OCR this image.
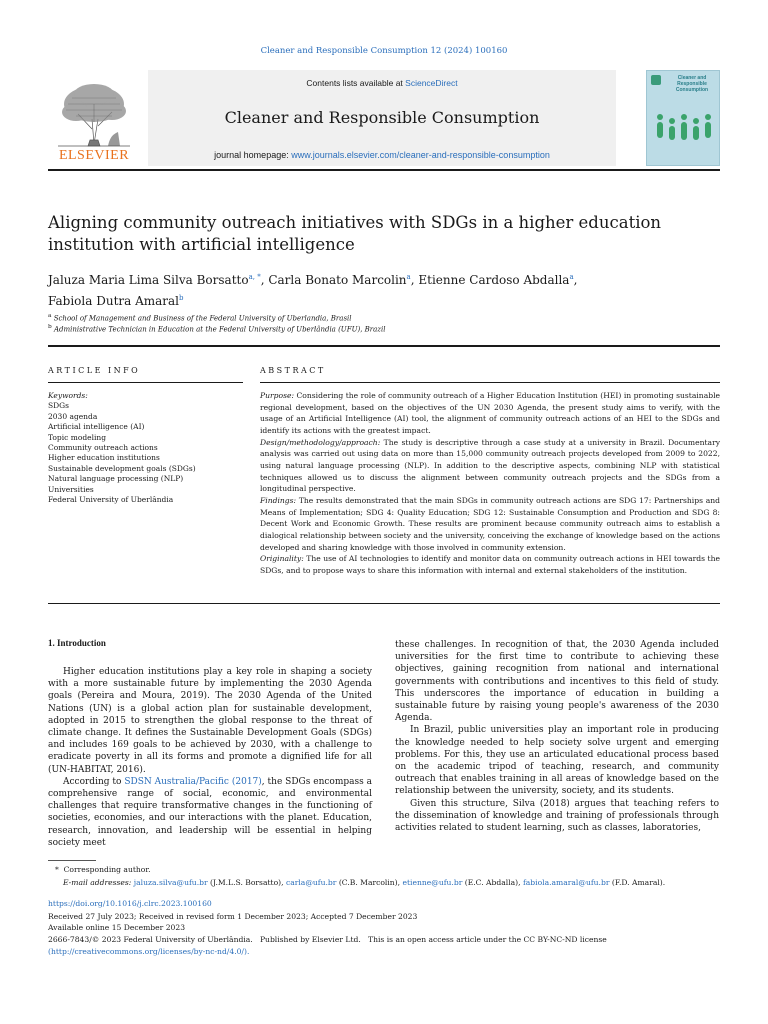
Cleaner and Responsible Consumption 12 (2024) 100160
ELSEVIER
Contents lists available at ScienceDirect
Cleaner and Responsible Consumption
journal homepage: www.journals.elsevier.com/cleaner-and-responsible-consumption
Cleaner and Responsible Consumption
Aligning community outreach initiatives with SDGs in a higher education institution with artificial intelligence
Jaluza Maria Lima Silva Borsatto$^{a, *}$, Carla Bonato Marcolin$^a$, Etienne Cardoso Abdalla$^a$,
Fabiola Dutra Amaral$^b$
$^a$ School of Management and Business of the Federal University of Uberlandia, Brasil
$^b$ Administrative Technician in Education at the Federal University of Uberlândia (UFU), Brazil
ARTICLE INFO
Keywords:
SDGs
2030 agenda
Artificial intelligence (AI)
Topic modeling
Community outreach actions
Higher education institutions
Sustainable development goals (SDGs)
Natural language processing (NLP)
Universities
Federal University of Uberlândia
ABSTRACT
Purpose: Considering the role of community outreach of a Higher Education Institution (HEI) in promoting sustainable regional development, based on the objectives of the UN 2030 Agenda, the present study aims to verify, with the usage of an Artificial Intelligence (AI) tool, the alignment of community outreach actions of an HEI to the SDGs and identify its actions with the greatest impact.
Design/methodology/approach: The study is descriptive through a case study at a university in Brazil. Documentary analysis was carried out using data on more than 15,000 community outreach projects developed from 2009 to 2022, using natural language processing (NLP). In addition to the descriptive aspects, combining NLP with statistical techniques allowed us to discuss the alignment between community outreach projects and the SDGs from a longitudinal perspective.
Findings: The results demonstrated that the main SDGs in community outreach actions are SDG 17: Partnerships and Means of Implementation; SDG 4: Quality Education; SDG 12: Sustainable Consumption and Production and SDG 8: Decent Work and Economic Growth. These results are prominent because community outreach aims to establish a dialogical relationship between society and the university, conceiving the exchange of knowledge based on the actions developed and sharing knowledge with those involved in community extension.
Originality: The use of AI technologies to identify and monitor data on community outreach actions in HEI towards the SDGs, and to propose ways to share this information with internal and external stakeholders of the institution.
1. Introduction

Higher education institutions play a key role in shaping a society with a more sustainable future by implementing the 2030 Agenda goals (Pereira and Moura, 2019). The 2030 Agenda of the United Nations (UN) is a global action plan for sustainable development, adopted in 2015 to strengthen the global response to the threat of climate change. It defines the Sustainable Development Goals (SDGs) and includes 169 goals to be achieved by 2030, with a challenge to eradicate poverty in all its forms and promote a dignified life for all (UN-HABITAT, 2016).

According to SDSN Australia/Pacific (2017), the SDGs encompass a comprehensive range of social, economic, and environmental challenges that require transformative changes in the functioning of societies, economies, and our interactions with the planet. Education, research, innovation, and leadership will be essential in helping society meet

these challenges. In recognition of that, the 2030 Agenda included universities for the first time to contribute to achieving these objectives, gaining recognition from national and international governments with contributions and incentives to this field of study. This underscores the importance of education in building a sustainable future by raising young people's awareness of the 2030 Agenda.

In Brazil, public universities play an important role in producing the knowledge needed to help society solve urgent and emerging problems. For this, they use an articulated educational process based on the academic tripod of teaching, research, and community outreach that enables training in all areas of knowledge based on the relationship between the university, society, and its students.

Given this structure, Silva (2018) argues that teaching refers to the dissemination of knowledge and training of professionals through activities related to student learning, such as classes, laboratories,

* Corresponding author.
E-mail addresses: jaluza.silva@ufu.br (J.M.L.S. Borsatto), carla@ufu.br (C.B. Marcolin), etienne@ufu.br (E.C. Abdalla), fabiola.amaral@ufu.br (F.D. Amaral).
https://doi.org/10.1016/j.clrc.2023.100160
Received 27 July 2023; Received in revised form 1 December 2023; Accepted 7 December 2023
Available online 15 December 2023
2666-7843/© 2023 Federal University of Uberlândia.   Published by Elsevier Ltd.   This is an open access article under the CC BY-NC-ND license
(http://creativecommons.org/licenses/by-nc-nd/4.0/).
